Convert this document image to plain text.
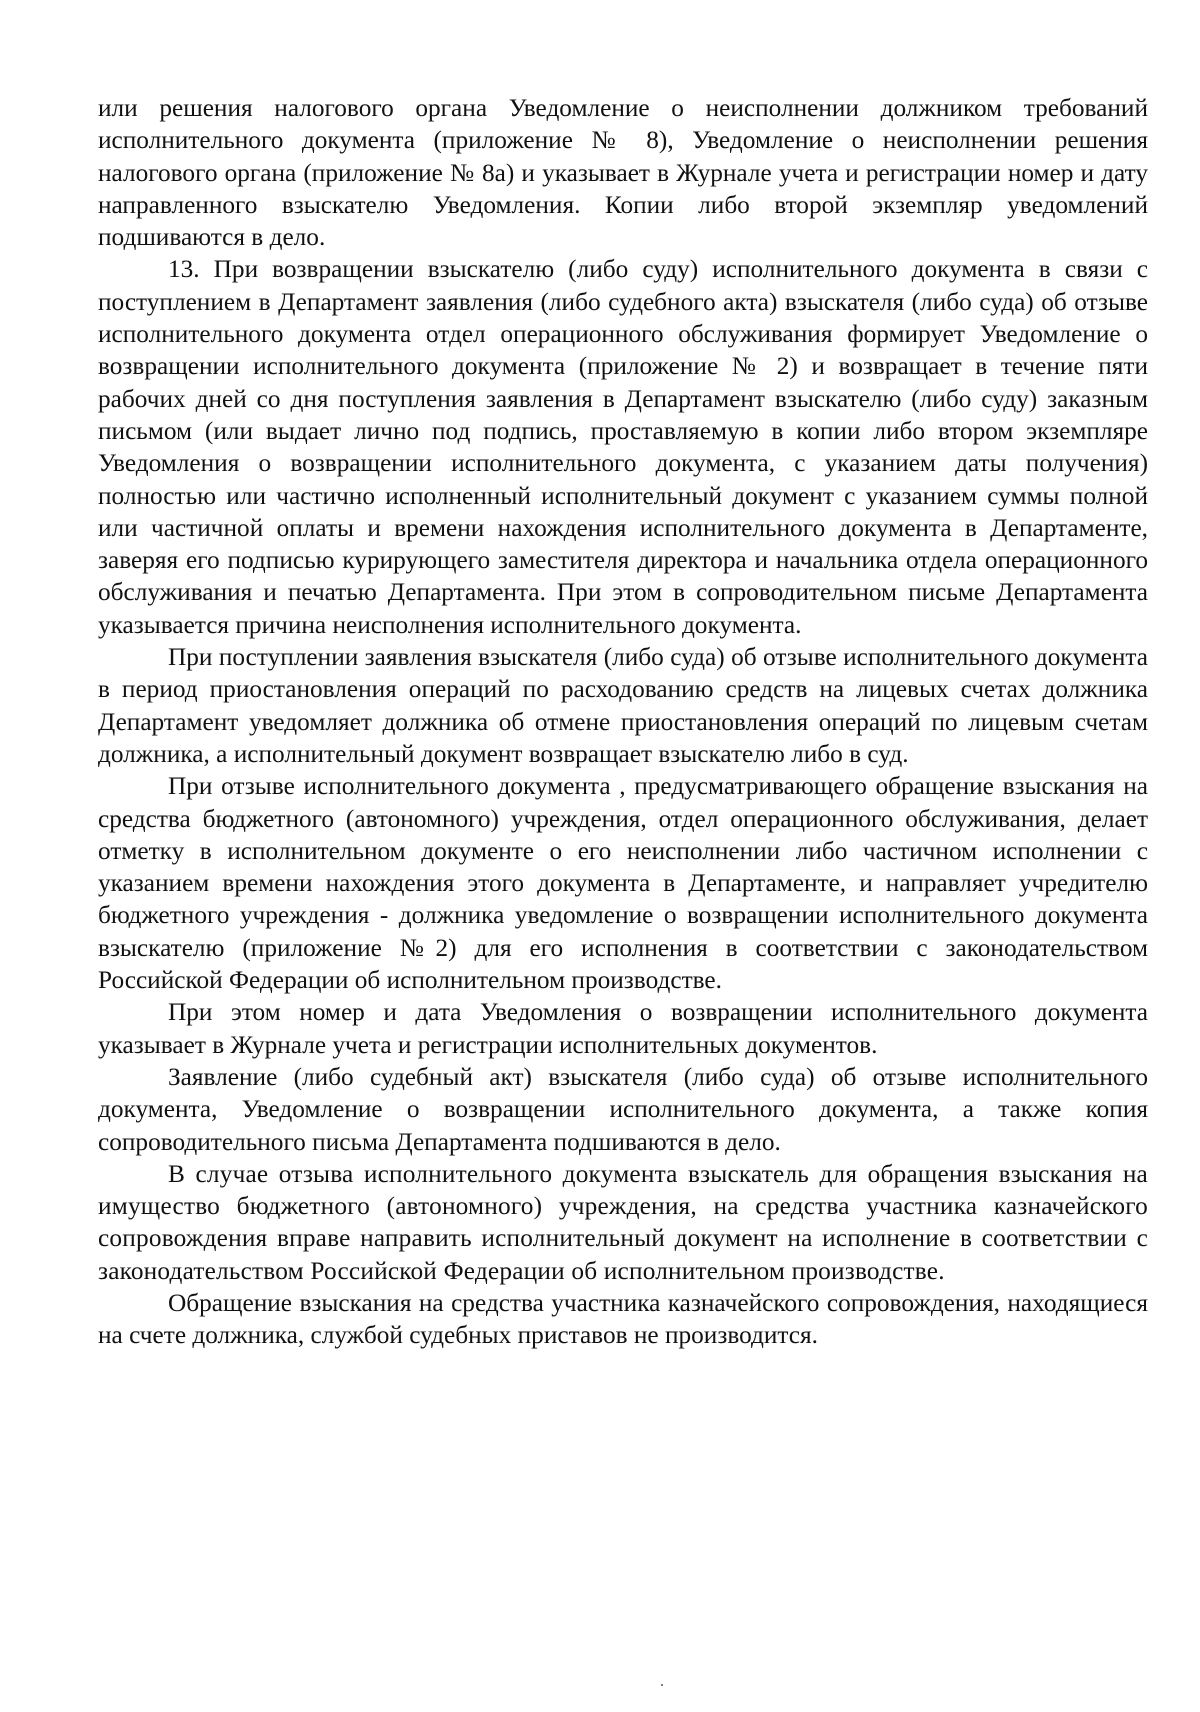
или решения налогового органа Уведомление о неисполнении должником требований исполнительного документа (приложение № 8), Уведомление о неисполнении решения налогового органа (приложение № 8а) и указывает в Журнале учета и регистрации номер и дату направленного взыскателю Уведомления. Копии либо второй экземпляр уведомлений подшиваются в дело.

13. При возвращении взыскателю (либо суду) исполнительного документа в связи с поступлением в Департамент заявления (либо судебного акта) взыскателя (либо суда) об отзыве исполнительного документа отдел операционного обслуживания формирует Уведомление о возвращении исполнительного документа (приложение № 2) и возвращает в течение пяти рабочих дней со дня поступления заявления в Департамент взыскателю (либо суду) заказным письмом (или выдает лично под подпись, проставляемую в копии либо втором экземпляре Уведомления о возвращении исполнительного документа, с указанием даты получения) полностью или частично исполненный исполнительный документ с указанием суммы полной или частичной оплаты и времени нахождения исполнительного документа в Департаменте, заверяя его подписью курирующего заместителя директора и начальника отдела операционного обслуживания и печатью Департамента. При этом в сопроводительном письме Департамента указывается причина неисполнения исполнительного документа.

При поступлении заявления взыскателя (либо суда) об отзыве исполнительного документа в период приостановления операций по расходованию средств на лицевых счетах должника Департамент уведомляет должника об отмене приостановления операций по лицевым счетам должника, а исполнительный документ возвращает взыскателю либо в суд.

При отзыве исполнительного документа , предусматривающего обращение взыскания на средства бюджетного (автономного) учреждения, отдел операционного обслуживания, делает отметку в исполнительном документе о его неисполнении либо частичном исполнении с указанием времени нахождения этого документа в Департаменте, и направляет учредителю бюджетного учреждения - должника уведомление о возвращении исполнительного документа взыскателю (приложение №2) для его исполнения в соответствии с законодательством Российской Федерации об исполнительном производстве.

При этом номер и дата Уведомления о возвращении исполнительного документа указывает в Журнале учета и регистрации исполнительных документов.

Заявление (либо судебный акт) взыскателя (либо суда) об отзыве исполнительного документа, Уведомление о возвращении исполнительного документа, а также копия сопроводительного письма Департамента подшиваются в дело.

В случае отзыва исполнительного документа взыскатель для обращения взыскания на имущество бюджетного (автономного) учреждения, на средства участника казначейского сопровождения вправе направить исполнительный документ на исполнение в соответствии с законодательством Российской Федерации об исполнительном производстве.

Обращение взыскания на средства участника казначейского сопровождения, находящиеся на счете должника, службой судебных приставов не производится.
